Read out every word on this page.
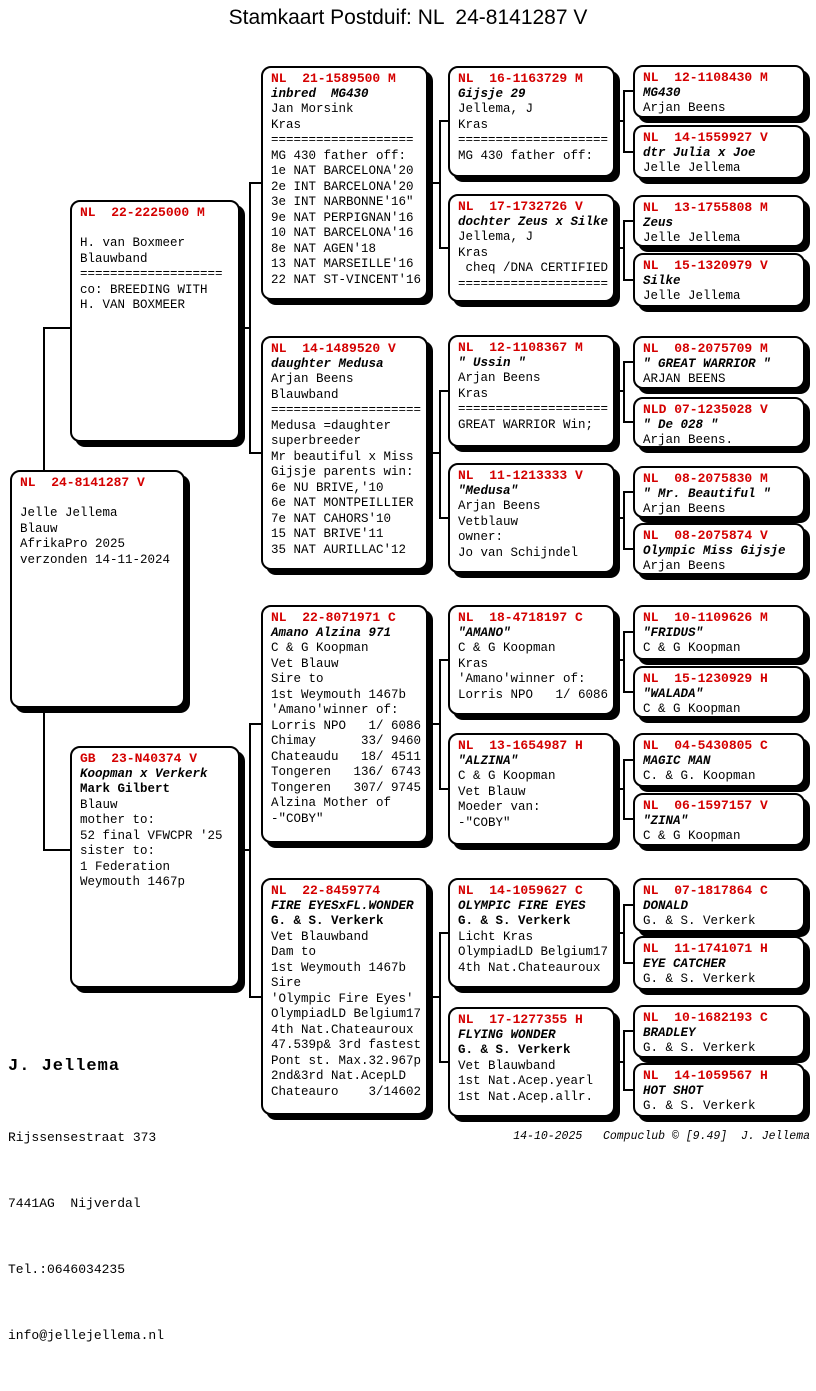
Stamkaart Postduif: NL  24-8141287 V
NL  24-8141287 V

Jelle Jellema
Blauw
AfrikaPro 2025
verzonden 14-11-2024
NL  22-2225000 M

H. van Boxmeer
Blauwband
===================
co: BREEDING WITH
H. VAN BOXMEER
GB  23-N40374 V
Koopman x Verkerk
Mark Gilbert
Blauw
mother to:
52 final VFWCPR '25
sister to:
1 Federation
Weymouth 1467p
NL  21-1589500 M
inbred  MG430
Jan Morsink
Kras
===================
MG 430 father off:
1e NAT BARCELONA'20
2e INT BARCELONA'20
3e INT NARBONNE'16"
9e NAT PERPIGNAN'16
10 NAT BARCELONA'16
8e NAT AGEN'18
13 NAT MARSEILLE'16
22 NAT ST-VINCENT'16
NL  14-1489520 V
daughter Medusa
Arjan Beens
Blauwband
====================
Medusa =daughter
superbreeder
Mr beautiful x Miss
Gijsje parents win:
6e NU BRIVE,'10
6e NAT MONTPEILLIER
7e NAT CAHORS'10
15 NAT BRIVE'11
35 NAT AURILLAC'12
NL  22-8071971 C
Amano Alzina 971
C & G Koopman
Vet Blauw
Sire to
1st Weymouth 1467b
'Amano'winner of:
Lorris NPO   1/ 6086
Chimay      33/ 9460
Chateaudu   18/ 4511
Tongeren   136/ 6743
Tongeren   307/ 9745
Alzina Mother of
-"COBY"
NL  22-8459774
FIRE EYESxFL.WONDER
G. & S. Verkerk
Vet Blauwband
Dam to
1st Weymouth 1467b
Sire
'Olympic Fire Eyes'
OlympiadLD Belgium17
4th Nat.Chateauroux
47.539p& 3rd fastest
Pont st. Max.32.967p
2nd&3rd Nat.AcepLD
Chateauro    3/14602
NL  16-1163729 M
Gijsje 29
Jellema, J
Kras
====================
MG 430 father off:
NL  17-1732726 V
dochter Zeus x Silke
Jellema, J
Kras
cheq /DNA CERTIFIED
====================
NL  12-1108367 M
" Ussin "
Arjan Beens
Kras
====================
GREAT WARRIOR Win;
NL  11-1213333 V
"Medusa"
Arjan Beens
Vetblauw
owner:
Jo van Schijndel
NL  18-4718197 C
"AMANO"
C & G Koopman
Kras
'Amano'winner of:
Lorris NPO   1/ 6086
NL  13-1654987 H
"ALZINA"
C & G Koopman
Vet Blauw
Moeder van:
-"COBY"
NL  14-1059627 C
OLYMPIC FIRE EYES
G. & S. Verkerk
Licht Kras
OlympiadLD Belgium17
4th Nat.Chateauroux
NL  17-1277355 H
FLYING WONDER
G. & S. Verkerk
Vet Blauwband
1st Nat.Acep.yearl
1st Nat.Acep.allr.
NL  12-1108430 M
MG430
Arjan Beens
NL  14-1559927 V
dtr Julia x Joe
Jelle Jellema
NL  13-1755808 M
Zeus
Jelle Jellema
NL  15-1320979 V
Silke
Jelle Jellema
NL  08-2075709 M
" GREAT WARRIOR "
ARJAN BEENS
NLD 07-1235028 V
" De 028 "
Arjan Beens.
NL  08-2075830 M
" Mr. Beautiful "
Arjan Beens
NL  08-2075874 V
Olympic Miss Gijsje
Arjan Beens
NL  10-1109626 M
"FRIDUS"
C & G Koopman
NL  15-1230929 H
"WALADA"
C & G Koopman
NL  04-5430805 C
MAGIC MAN
C. & G. Koopman
NL  06-1597157 V
"ZINA"
C & G Koopman
NL  07-1817864 C
DONALD
G. & S. Verkerk
NL  11-1741071 H
EYE CATCHER
G. & S. Verkerk
NL  10-1682193 C
BRADLEY
G. & S. Verkerk
NL  14-1059567 H
HOT SHOT
G. & S. Verkerk

J. Jellema

Rijssensestraat 373

7441AG  Nijverdal

Tel.:0646034235

info@jellejellema.nl

14-10-2025   Compuclub © [9.49]  J. Jellema
